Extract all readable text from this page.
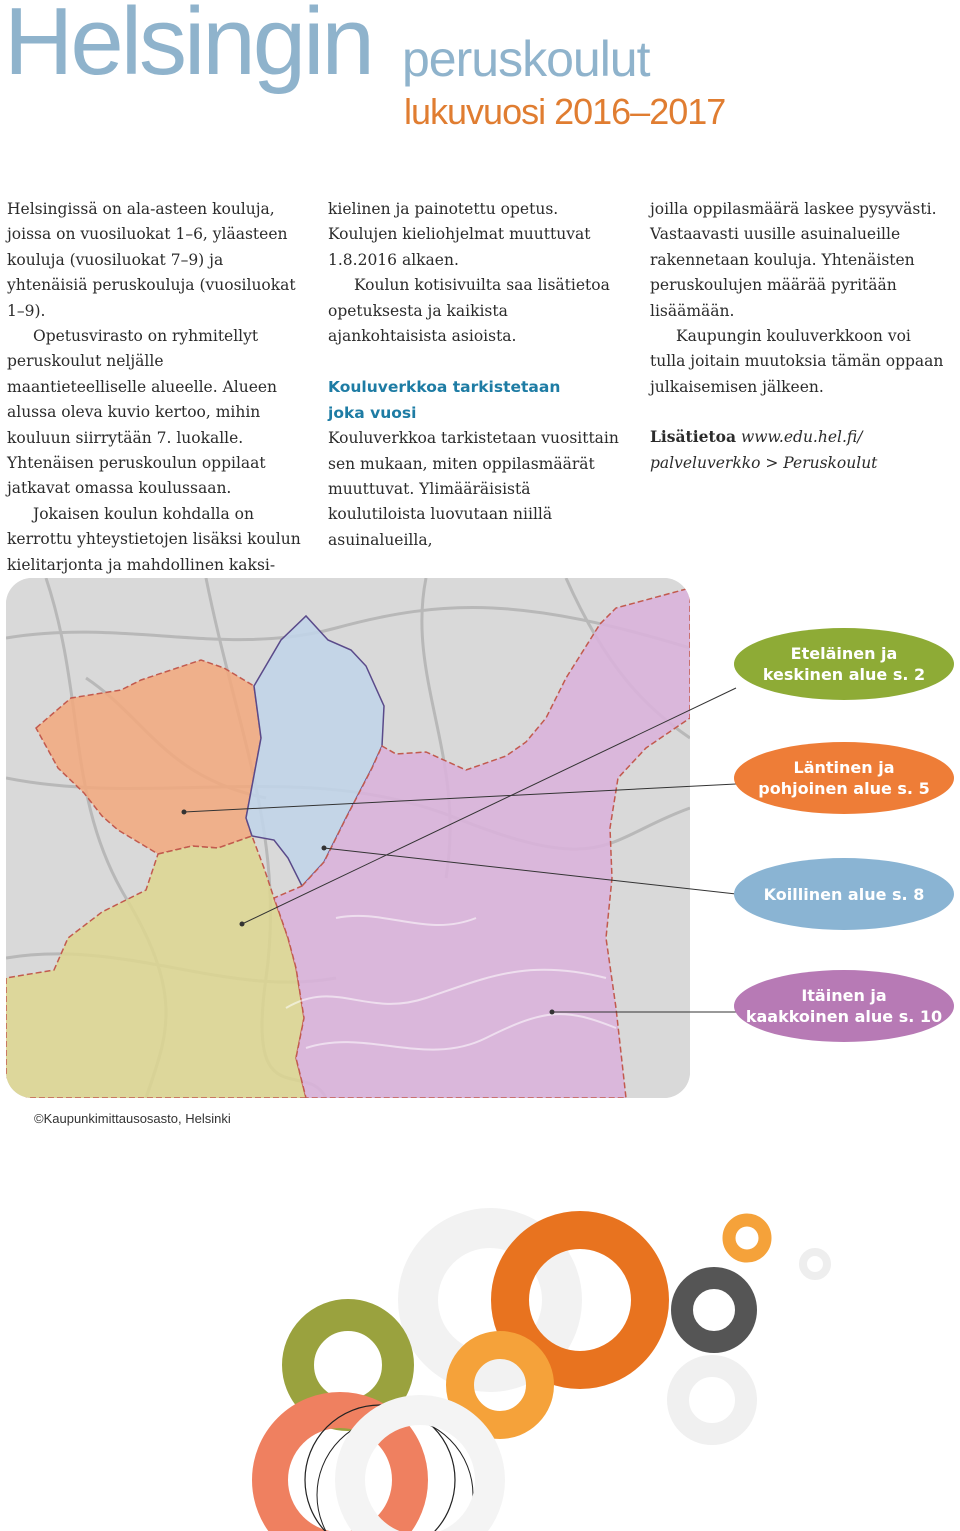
Helsingin peruskoulut
lukuvuosi 2016–2017

Helsingissä on ala-asteen kouluja, joissa on vuosiluokat 1–6, yläasteen kouluja (vuosiluokat 7–9) ja yhtenäisiä peruskouluja (vuosiluokat 1–9).

Opetusvirasto on ryhmitellyt peruskoulut neljälle maantieteelliselle alueelle. Alueen alussa oleva kuvio kertoo, mihin kouluun siirrytään 7. luokalle. Yhtenäisen peruskoulun oppilaat jatkavat omassa koulussaan.

Jokaisen koulun kohdalla on kerrottu yhteystietojen lisäksi koulun kielitarjonta ja mahdollinen kaksi-

kielinen ja painotettu opetus. Koulujen kieliohjelmat muuttuvat 1.8.2016 alkaen.

Koulun kotisivuilta saa lisätietoa opetuksesta ja kaikista ajankohtaisista asioista.

Kouluverkkoa tarkistetaan
joka vuosi

Kouluverkkoa tarkistetaan vuosittain sen mukaan, miten oppilasmäärät muuttuvat. Ylimääräisistä koulutiloista luovutaan niillä asuinalueilla,

joilla oppilasmäärä laskee pysyvästi. Vastaavasti uusille asuinalueille rakennetaan kouluja. Yhtenäisten peruskoulujen määrää pyritään lisäämään.

Kaupungin kouluverkkoon voi tulla joitain muutoksia tämän oppaan julkaisemisen jälkeen.

Lisätietoa www.edu.hel.fi/
palveluverkko > Peruskoulut

Eteläinen ja
keskinen alue s. 2
Läntinen ja
pohjoinen alue s. 5
Koillinen alue s. 8
Itäinen ja
kaakkoinen alue s. 10
©Kaupunkimittausosasto, Helsinki
